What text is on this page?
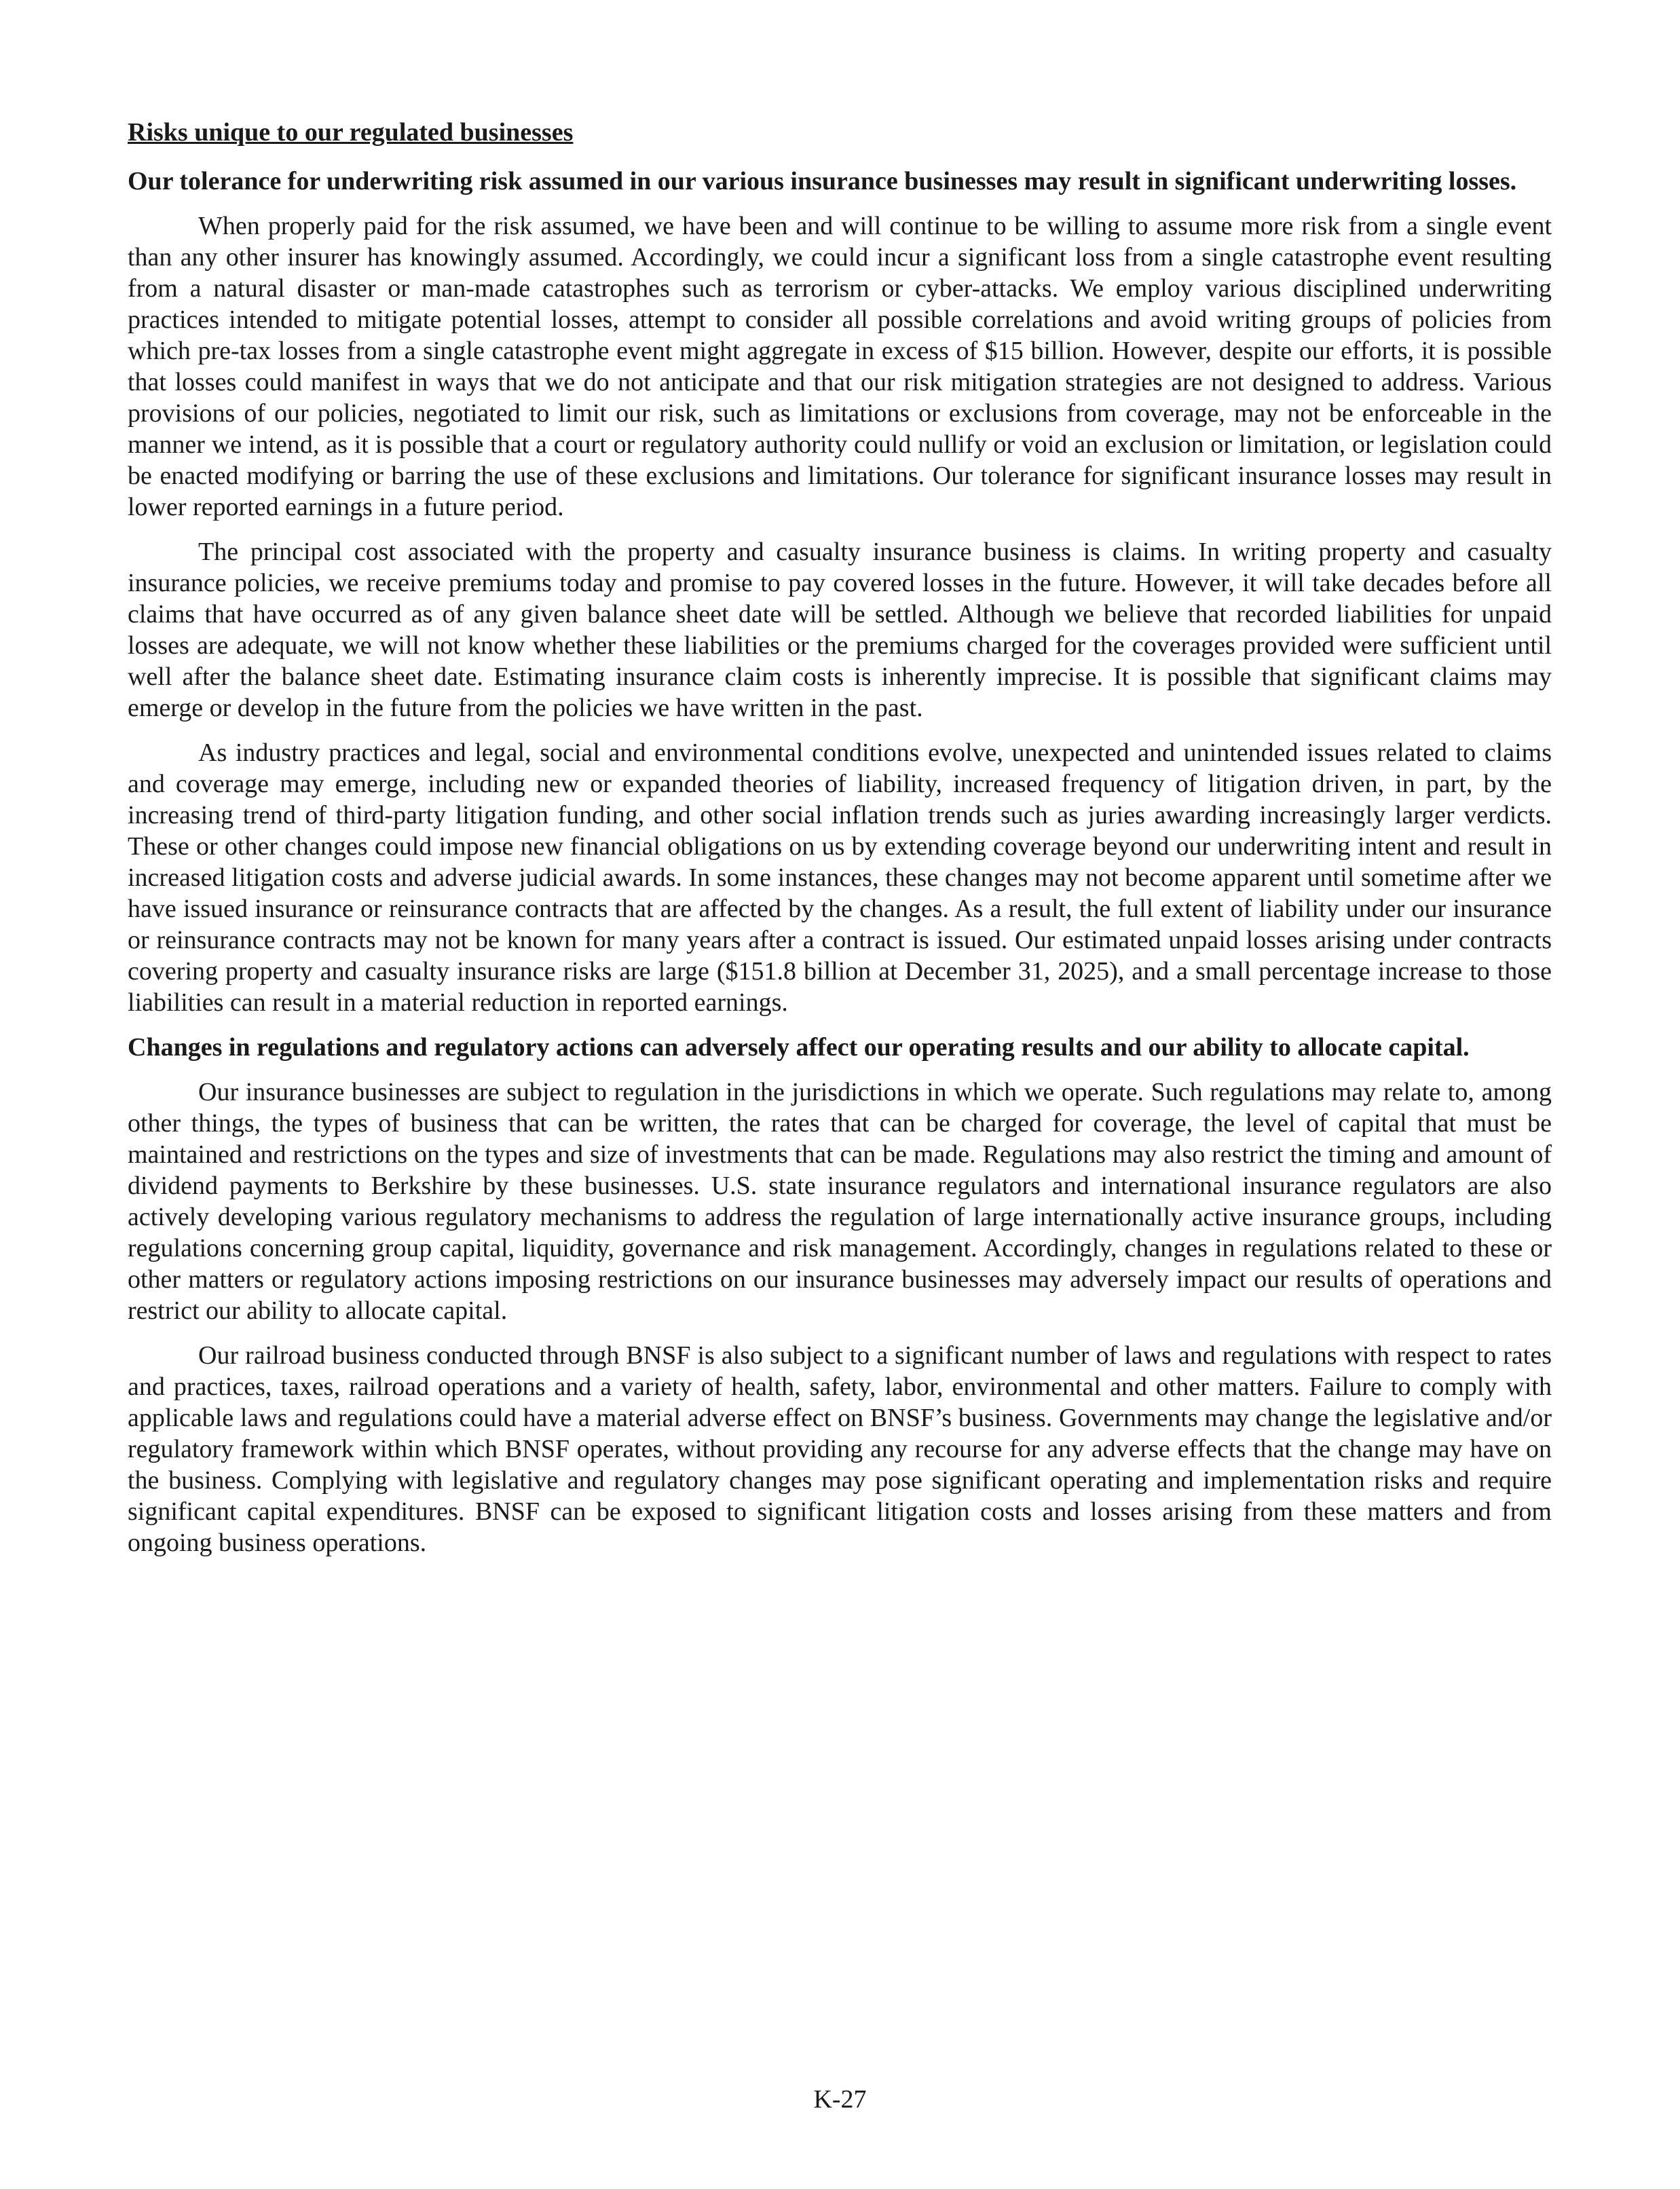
Risks unique to our regulated businesses
Our tolerance for underwriting risk assumed in our various insurance businesses may result in significant underwriting losses.
When properly paid for the risk assumed, we have been and will continue to be willing to assume more risk from a single event than any other insurer has knowingly assumed. Accordingly, we could incur a significant loss from a single catastrophe event resulting from a natural disaster or man-made catastrophes such as terrorism or cyber-attacks. We employ various disciplined underwriting practices intended to mitigate potential losses, attempt to consider all possible correlations and avoid writing groups of policies from which pre-tax losses from a single catastrophe event might aggregate in excess of $15 billion. However, despite our efforts, it is possible that losses could manifest in ways that we do not anticipate and that our risk mitigation strategies are not designed to address. Various provisions of our policies, negotiated to limit our risk, such as limitations or exclusions from coverage, may not be enforceable in the manner we intend, as it is possible that a court or regulatory authority could nullify or void an exclusion or limitation, or legislation could be enacted modifying or barring the use of these exclusions and limitations. Our tolerance for significant insurance losses may result in lower reported earnings in a future period.
The principal cost associated with the property and casualty insurance business is claims. In writing property and casualty insurance policies, we receive premiums today and promise to pay covered losses in the future. However, it will take decades before all claims that have occurred as of any given balance sheet date will be settled. Although we believe that recorded liabilities for unpaid losses are adequate, we will not know whether these liabilities or the premiums charged for the coverages provided were sufficient until well after the balance sheet date. Estimating insurance claim costs is inherently imprecise. It is possible that significant claims may emerge or develop in the future from the policies we have written in the past.
As industry practices and legal, social and environmental conditions evolve, unexpected and unintended issues related to claims and coverage may emerge, including new or expanded theories of liability, increased frequency of litigation driven, in part, by the increasing trend of third-party litigation funding, and other social inflation trends such as juries awarding increasingly larger verdicts. These or other changes could impose new financial obligations on us by extending coverage beyond our underwriting intent and result in increased litigation costs and adverse judicial awards. In some instances, these changes may not become apparent until sometime after we have issued insurance or reinsurance contracts that are affected by the changes. As a result, the full extent of liability under our insurance or reinsurance contracts may not be known for many years after a contract is issued. Our estimated unpaid losses arising under contracts covering property and casualty insurance risks are large ($151.8 billion at December 31, 2025), and a small percentage increase to those liabilities can result in a material reduction in reported earnings.
Changes in regulations and regulatory actions can adversely affect our operating results and our ability to allocate capital.
Our insurance businesses are subject to regulation in the jurisdictions in which we operate. Such regulations may relate to, among other things, the types of business that can be written, the rates that can be charged for coverage, the level of capital that must be maintained and restrictions on the types and size of investments that can be made. Regulations may also restrict the timing and amount of dividend payments to Berkshire by these businesses. U.S. state insurance regulators and international insurance regulators are also actively developing various regulatory mechanisms to address the regulation of large internationally active insurance groups, including regulations concerning group capital, liquidity, governance and risk management. Accordingly, changes in regulations related to these or other matters or regulatory actions imposing restrictions on our insurance businesses may adversely impact our results of operations and restrict our ability to allocate capital.
Our railroad business conducted through BNSF is also subject to a significant number of laws and regulations with respect to rates and practices, taxes, railroad operations and a variety of health, safety, labor, environmental and other matters. Failure to comply with applicable laws and regulations could have a material adverse effect on BNSF’s business. Governments may change the legislative and/or regulatory framework within which BNSF operates, without providing any recourse for any adverse effects that the change may have on the business. Complying with legislative and regulatory changes may pose significant operating and implementation risks and require significant capital expenditures. BNSF can be exposed to significant litigation costs and losses arising from these matters and from ongoing business operations.
K-27
